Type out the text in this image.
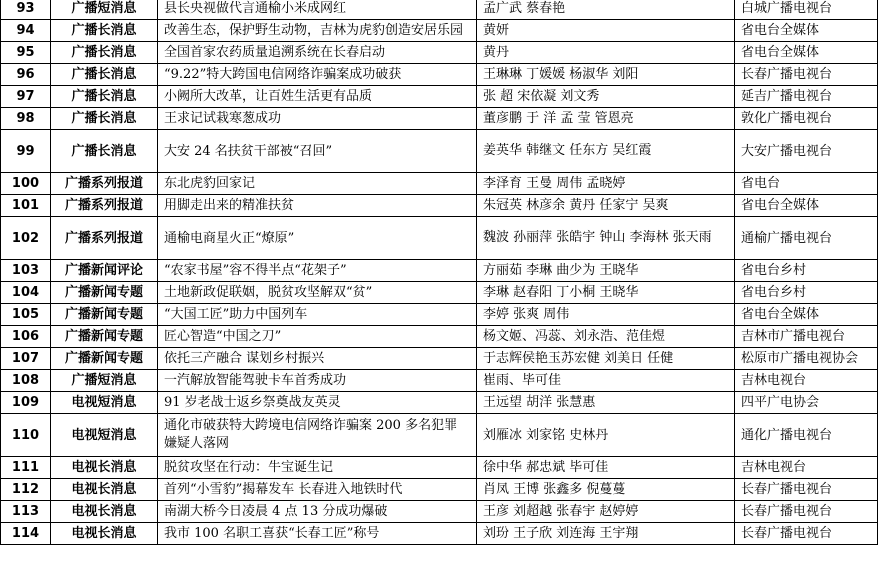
93	广播短消息	县长央视做代言通榆小米成网红	孟广武 蔡春艳	白城广播电视台
94	广播长消息	改善生态，保护野生动物，吉林为虎豹创造安居乐园	黄妍	省电台全媒体
95	广播长消息	全国首家农药质量追溯系统在长春启动	黄丹	省电台全媒体
96	广播长消息	“9.22”特大跨国电信网络诈骗案成功破获	王琳琳 丁媛媛 杨淑华 刘阳	长春广播电视台
97	广播长消息	小阙所大改革，让百姓生活更有品质	张 超 宋依凝 刘文秀	延吉广播电视台
98	广播长消息	王求记试栽寒葱成功	董彦鹏 于 洋 孟 莹 管恩亮	敦化广播电视台
99	广播长消息	大安 24 名扶贫干部被“召回”	姜英华 韩继文 任东方 吴红霞	大安广播电视台
100	广播系列报道	东北虎豹回家记	李泽育 王曼 周伟 孟晓婷	省电台
101	广播系列报道	用脚走出来的精准扶贫	朱冠英 林彦余 黄丹 任家宁 吴爽	省电台全媒体
102	广播系列报道	通榆电商星火正“燎原”	魏波 孙丽萍 张皓宇 钟山 李海林 张天雨	通榆广播电视台
103	广播新闻评论	“农家书屋”容不得半点“花架子”	方丽茹 李琳 曲少为 王晓华	省电台乡村
104	广播新闻专题	土地新政促联姻，脱贫攻坚解双“贫”	李琳 赵春阳 丁小桐 王晓华	省电台乡村
105	广播新闻专题	“大国工匠”助力中国列车	李婷 张爽 周伟	省电台全媒体
106	广播新闻专题	匠心智造“中国之刀”	杨文姬、冯蕊、刘永浩、范佳煜	吉林市广播电视台
107	广播新闻专题	依托三产融合 谋划乡村振兴	于志辉侯艳玉苏宏健 刘美日 任健	松原市广播电视协会
108	广播短消息	一汽解放智能驾驶卡车首秀成功	崔雨、毕可佳	吉林电视台
109	电视短消息	91 岁老战士返乡祭奠战友英灵	王远望 胡洋 张慧惠	四平广电协会
110	电视短消息	通化市破获特大跨境电信网络诈骗案 200 多名犯罪嫌疑人落网	刘雁冰 刘家铭 史林丹	通化广播电视台
111	电视长消息	脱贫攻坚在行动：牛宝诞生记	徐中华 郝忠斌 毕可佳	吉林电视台
112	电视长消息	首列“小雪豹”揭幕发车 长春进入地铁时代	肖凤 王博 张鑫多 倪蔓蔓	长春广播电视台
113	电视长消息	南湖大桥今日凌晨 4 点 13 分成功爆破	王彦 刘超越 张春宇 赵婷婷	长春广播电视台
114	电视长消息	我市 100 名职工喜获“长春工匠”称号	刘玢 王子欣 刘连海 王宇翔	长春广播电视台
